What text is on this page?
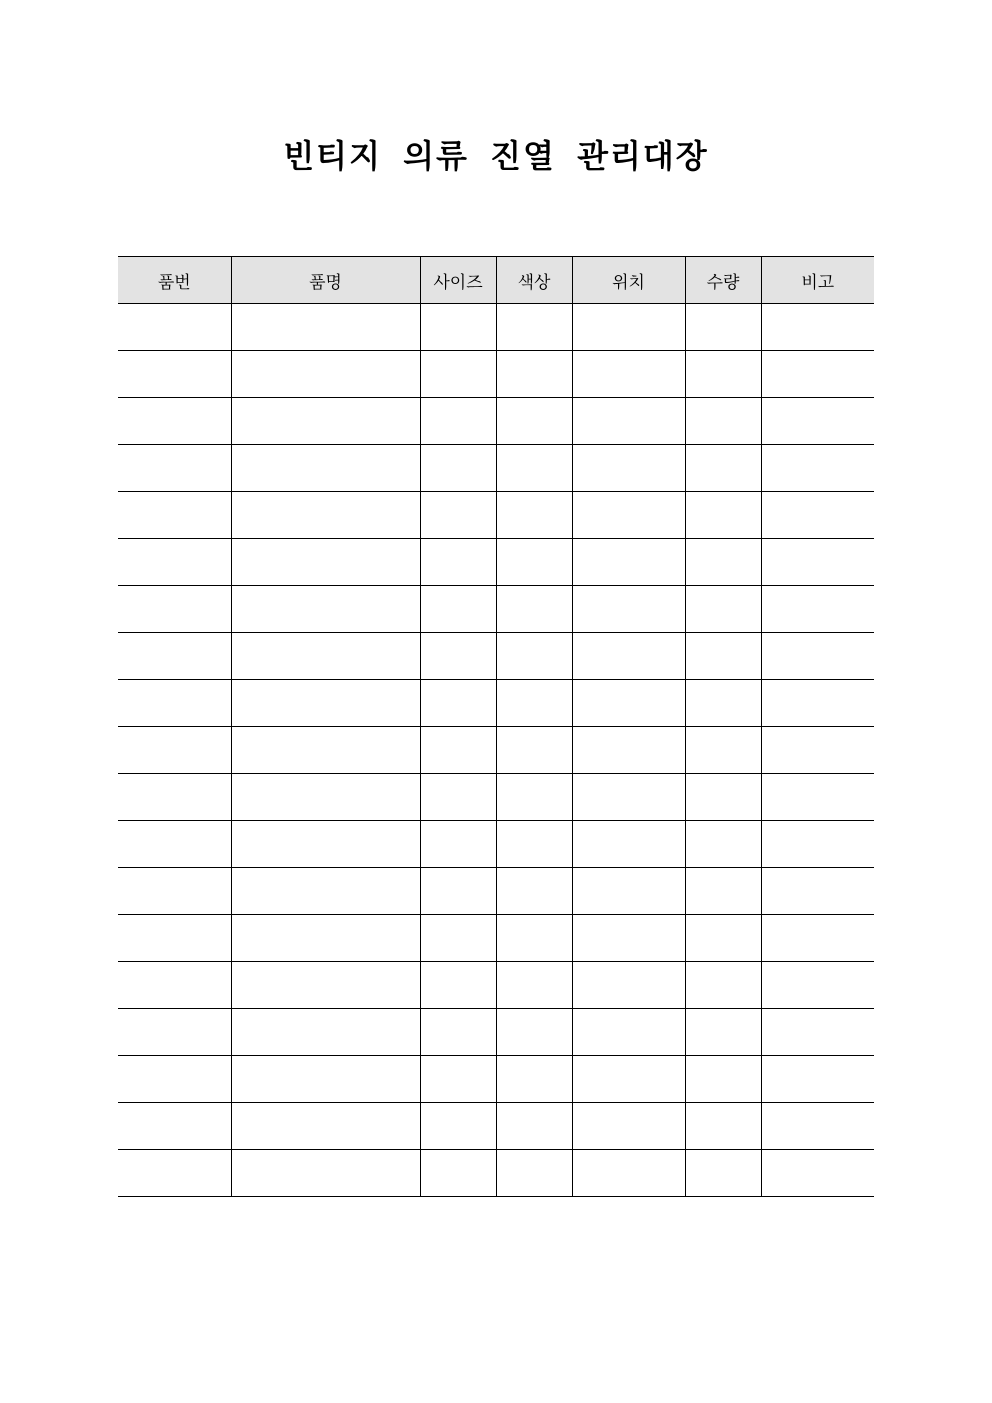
빈티지 의류 진열 관리대장
품번	품명	사이즈	색상	위치	수량	비고
